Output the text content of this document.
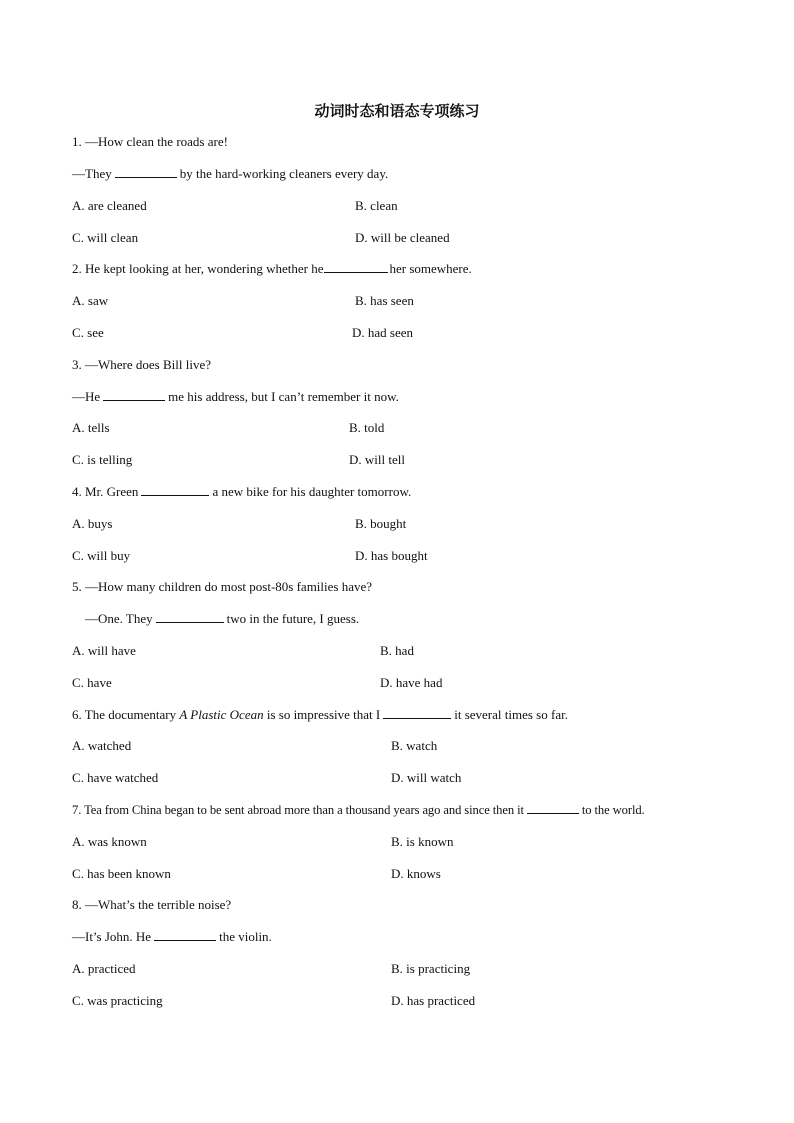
动词时态和语态专项练习
1. —How clean the roads are!
—They	by the hard-working cleaners every day.
A. are cleaned	B. clean
C. will clean	D. will be cleaned
2. He kept looking at her, wondering whether he	her somewhere.
A. saw	B. has seen
C. see	D. had seen
3. —Where does Bill live?
—He	me his address, but I can’t remember it now.
A. tells	B. told
C. is telling	D. will tell
4. Mr. Green	a new bike for his daughter tomorrow.
A. buys	B. bought
C. will buy	D. has bought
5. —How many children do most post-80s families have?
—One. They	two in the future, I guess.
A. will have	B. had
C. have	D. have had
6. The documentary A Plastic Ocean is so impressive that I	it several times so far.
A. watched	B. watch
C. have watched	D. will watch
7. Tea from China began to be sent abroad more than a thousand years ago and since then it	to the world.
A. was known	B. is known
C. has been known	D. knows
8. —What’s the terrible noise?
—It’s John. He	the violin.
A. practiced	B. is practicing
C. was practicing	D. has practiced
